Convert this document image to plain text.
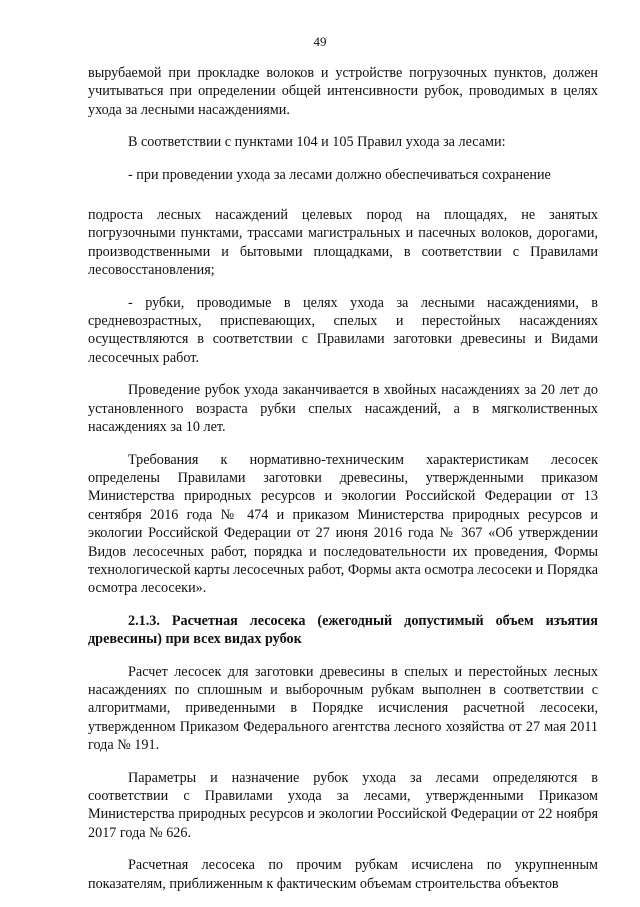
49

вырубаемой при прокладке волоков и устройстве погрузочных пунктов, должен учитываться при определении общей интенсивности рубок, проводимых в целях ухода за лесными насаждениями.

В соответствии с пунктами 104 и 105 Правил ухода за лесами:

- при проведении ухода за лесами должно обеспечиваться сохранение

подроста лесных насаждений целевых пород на площадях, не занятых погрузочными пунктами, трассами магистральных и пасечных волоков, дорогами, производственными и бытовыми площадками, в соответствии с Правилами лесовосстановления;

- рубки, проводимые в целях ухода за лесными насаждениями, в средневозрастных, приспевающих, спелых и перестойных насаждениях осуществляются в соответствии с Правилами заготовки древесины и Видами лесосечных работ.

Проведение рубок ухода заканчивается в хвойных насаждениях за 20 лет до установленного возраста рубки спелых насаждений, а в мягколиственных насаждениях за 10 лет.

Требования к нормативно-техническим характеристикам лесосек определены Правилами заготовки древесины, утвержденными приказом Министерства природных ресурсов и экологии Российской Федерации от 13 сентября 2016 года № 474 и приказом Министерства природных ресурсов и экологии Российской Федерации от 27 июня 2016 года № 367 «Об утверждении Видов лесосечных работ, порядка и последовательности их проведения, Формы технологической карты лесосечных работ, Формы акта осмотра лесосеки и Порядка осмотра лесосеки».

2.1.3. Расчетная лесосека (ежегодный допустимый объем изъятия древесины) при всех видах рубок

Расчет лесосек для заготовки древесины в спелых и перестойных лесных насаждениях по сплошным и выборочным рубкам выполнен в соответствии с алгоритмами, приведенными в Порядке исчисления расчетной лесосеки, утвержденном Приказом Федерального агентства лесного хозяйства от 27 мая 2011 года № 191.

Параметры и назначение рубок ухода за лесами определяются в соответствии с Правилами ухода за лесами, утвержденными Приказом Министерства природных ресурсов и экологии Российской Федерации от 22 ноября 2017 года № 626.

Расчетная лесосека по прочим рубкам исчислена по укрупненным показателям, приближенным к фактическим объемам строительства объектов
